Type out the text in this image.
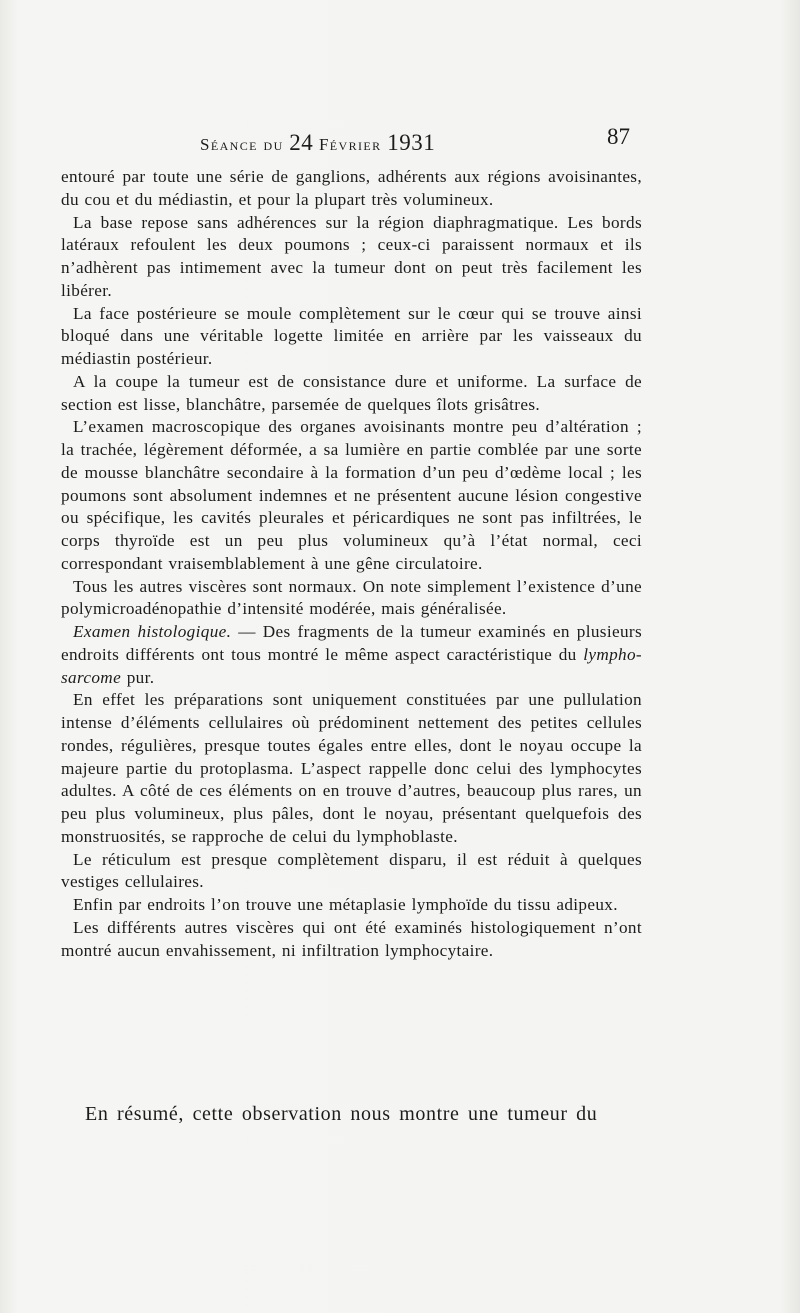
Séance du 24 Février 1931	87

entouré par toute une série de ganglions, adhérents aux régions avoisinantes, du cou et du médiastin, et pour la plupart très volumineux.

La base repose sans adhérences sur la région diaphragmatique. Les bords latéraux refoulent les deux poumons ; ceux-ci paraissent normaux et ils n’adhèrent pas intimement avec la tumeur dont on peut très facilement les libérer.

La face postérieure se moule complètement sur le cœur qui se trouve ainsi bloqué dans une véritable logette limitée en arrière par les vaisseaux du médiastin postérieur.

A la coupe la tumeur est de consistance dure et uniforme. La surface de section est lisse, blanchâtre, parsemée de quelques îlots grisâtres.

L’examen macroscopique des organes avoisinants montre peu d’altération ; la trachée, légèrement déformée, a sa lumière en partie comblée par une sorte de mousse blanchâtre secondaire à la formation d’un peu d’œdème local ; les poumons sont absolument indemnes et ne présentent aucune lésion congestive ou spécifique, les cavités pleurales et péricardiques ne sont pas infiltrées, le corps thyroïde est un peu plus volumineux qu’à l’état normal, ceci correspondant vraisemblablement à une gêne circulatoire.

Tous les autres viscères sont normaux. On note simplement l’existence d’une polymicroadénopathie d’intensité modérée, mais généralisée.

Examen histologique. — Des fragments de la tumeur examinés en plusieurs endroits différents ont tous montré le même aspect caractéristique du lympho-sarcome pur.

En effet les préparations sont uniquement constituées par une pullulation intense d’éléments cellulaires où prédominent nettement des petites cellules rondes, régulières, presque toutes égales entre elles, dont le noyau occupe la majeure partie du protoplasma. L’aspect rappelle donc celui des lymphocytes adultes. A côté de ces éléments on en trouve d’autres, beaucoup plus rares, un peu plus volumineux, plus pâles, dont le noyau, présentant quelquefois des monstruosités, se rapproche de celui du lymphoblaste.

Le réticulum est presque complètement disparu, il est réduit à quelques vestiges cellulaires.

Enfin par endroits l’on trouve une métaplasie lymphoïde du tissu adipeux.

Les différents autres viscères qui ont été examinés histologiquement n’ont montré aucun envahissement, ni infiltration lymphocytaire.

En résumé, cette observation nous montre une tumeur du
